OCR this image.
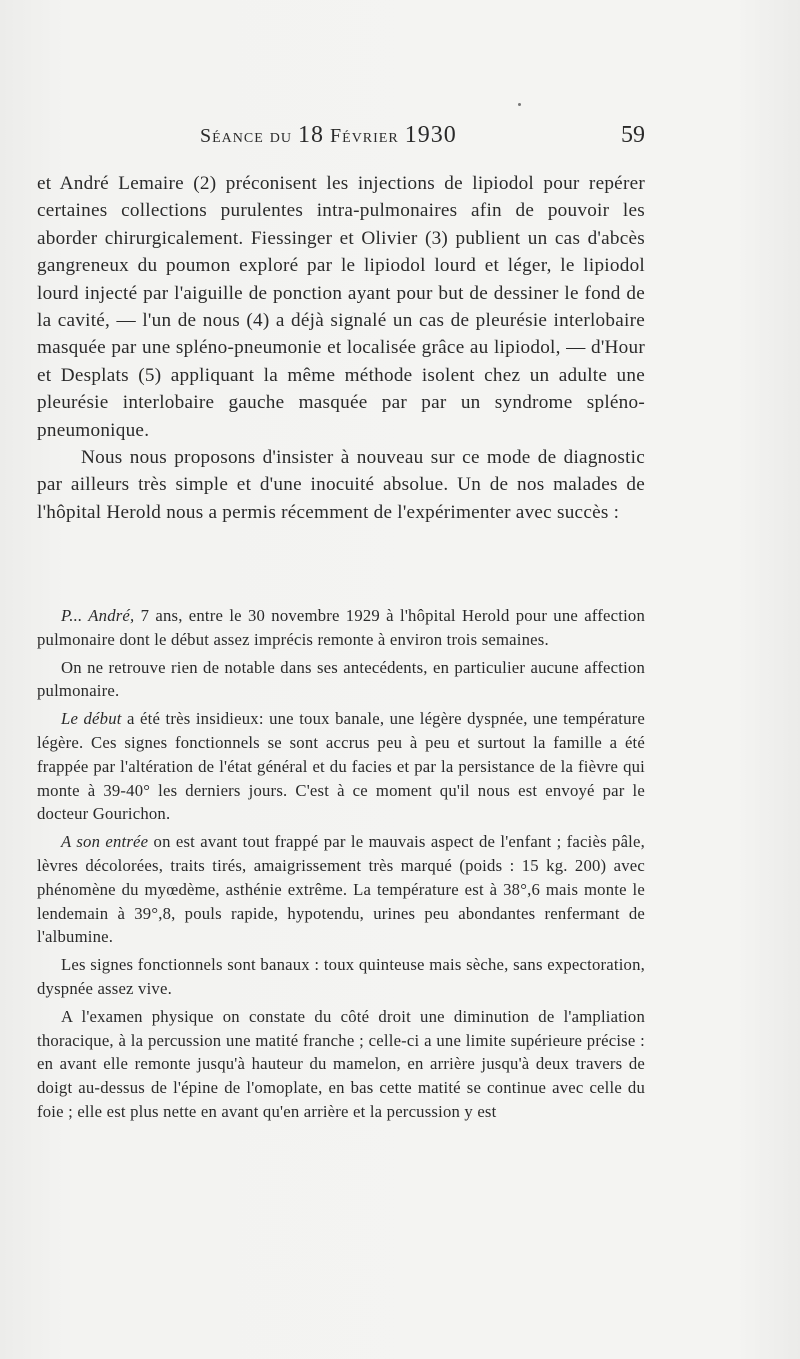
Séance du 18 Février 1930	59

et André Lemaire (2) préconisent les injections de lipiodol pour repérer certaines collections purulentes intra-pulmonaires afin de pouvoir les aborder chirurgicalement. Fiessinger et Olivier (3) publient un cas d'abcès gangreneux du poumon exploré par le lipiodol lourd et léger, le lipiodol lourd injecté par l'aiguille de ponction ayant pour but de dessiner le fond de la cavité, — l'un de nous (4) a déjà signalé un cas de pleurésie interlobaire masquée par une spléno-pneumonie et localisée grâce au lipiodol, — d'Hour et Desplats (5) appliquant la même méthode isolent chez un adulte une pleurésie interlobaire gauche masquée par par un syndrome spléno-pneumonique.

Nous nous proposons d'insister à nouveau sur ce mode de diagnostic par ailleurs très simple et d'une inocuité absolue. Un de nos malades de l'hôpital Herold nous a permis récemment de l'expérimenter avec succès :

P... André, 7 ans, entre le 30 novembre 1929 à l'hôpital Herold pour une affection pulmonaire dont le début assez imprécis remonte à environ trois semaines.

On ne retrouve rien de notable dans ses antecédents, en particulier aucune affection pulmonaire.

Le début a été très insidieux: une toux banale, une légère dyspnée, une température légère. Ces signes fonctionnels se sont accrus peu à peu et surtout la famille a été frappée par l'altération de l'état général et du facies et par la persistance de la fièvre qui monte à 39-40° les derniers jours. C'est à ce moment qu'il nous est envoyé par le docteur Gourichon.

A son entrée on est avant tout frappé par le mauvais aspect de l'enfant ; faciès pâle, lèvres décolorées, traits tirés, amaigrissement très marqué (poids : 15 kg. 200) avec phénomène du myœdème, asthénie extrême. La température est à 38°,6 mais monte le lendemain à 39°,8, pouls rapide, hypotendu, urines peu abondantes renfermant de l'albumine.

Les signes fonctionnels sont banaux : toux quinteuse mais sèche, sans expectoration, dyspnée assez vive.

A l'examen physique on constate du côté droit une diminution de l'ampliation thoracique, à la percussion une matité franche ; celle-ci a une limite supérieure précise : en avant elle remonte jusqu'à hauteur du mamelon, en arrière jusqu'à deux travers de doigt au-dessus de l'épine de l'omoplate, en bas cette matité se continue avec celle du foie ; elle est plus nette en avant qu'en arrière et la percussion y est
